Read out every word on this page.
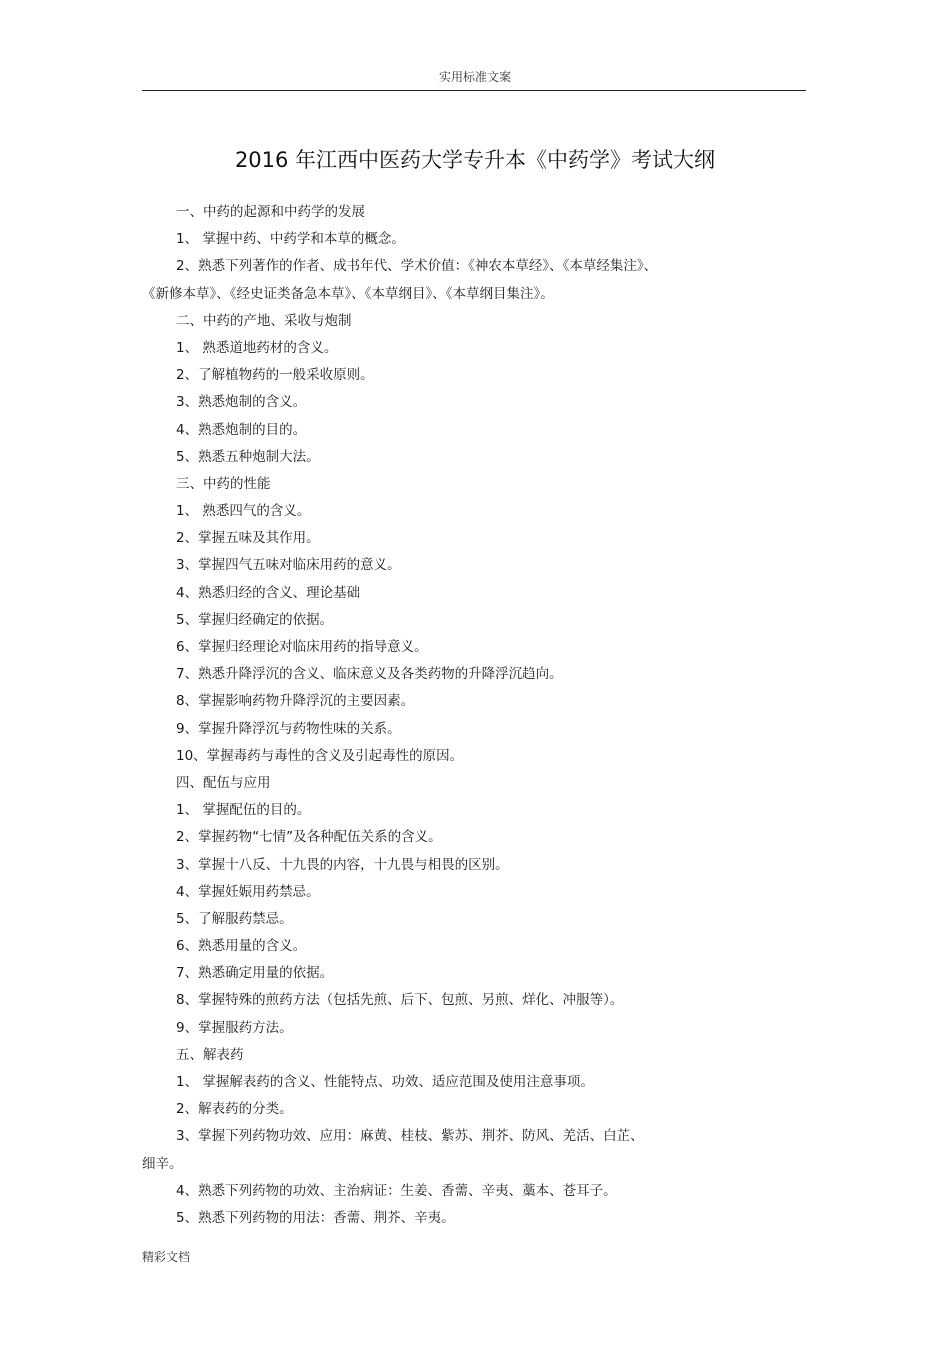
实用标准文案
2016 年江西中医药大学专升本《中药学》考试大纲
一、中药的起源和中药学的发展
1、 掌握中药、中药学和本草的概念。
2、熟悉下列著作的作者、成书年代、学术价值：《神农本草经》、《本草经集注》、
《新修本草》、《经史证类备急本草》、《本草纲目》、《本草纲目集注》。
二、中药的产地、采收与炮制
1、 熟悉道地药材的含义。
2、了解植物药的一般采收原则。
3、熟悉炮制的含义。
4、熟悉炮制的目的。
5、熟悉五种炮制大法。
三、中药的性能
1、 熟悉四气的含义。
2、掌握五味及其作用。
3、掌握四气五味对临床用药的意义。
4、熟悉归经的含义、理论基础
5、掌握归经确定的依据。
6、掌握归经理论对临床用药的指导意义。
7、熟悉升降浮沉的含义、临床意义及各类药物的升降浮沉趋向。
8、掌握影响药物升降浮沉的主要因素。
9、掌握升降浮沉与药物性味的关系。
10、掌握毒药与毒性的含义及引起毒性的原因。
四、配伍与应用
1、 掌握配伍的目的。
2、掌握药物“七情”及各种配伍关系的含义。
3、掌握十八反、十九畏的内容，十九畏与相畏的区别。
4、掌握妊娠用药禁忌。
5、了解服药禁忌。
6、熟悉用量的含义。
7、熟悉确定用量的依据。
8、掌握特殊的煎药方法（包括先煎、后下、包煎、另煎、烊化、冲服等）。
9、掌握服药方法。
五、解表药
1、 掌握解表药的含义、性能特点、功效、适应范围及使用注意事项。
2、解表药的分类。
3、掌握下列药物功效、应用：麻黄、桂枝、紫苏、荆芥、防风、羌活、白芷、
细辛。
4、熟悉下列药物的功效、主治病证：生姜、香薷、辛夷、藁本、苍耳子。
5、熟悉下列药物的用法：香薷、荆芥、辛夷。
精彩文档
